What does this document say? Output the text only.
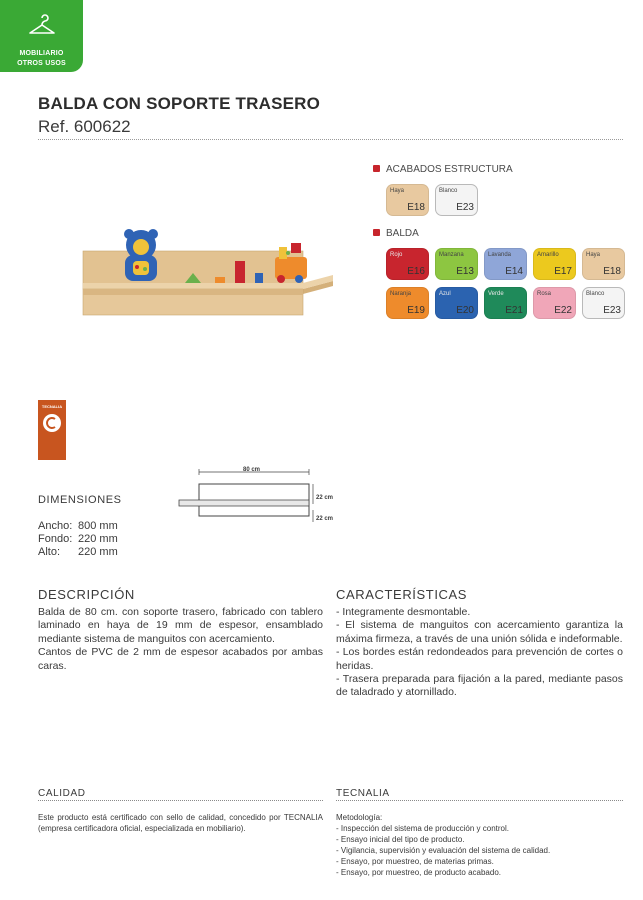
MOBILIARIO
OTROS USOS
BALDA CON SOPORTE TRASERO
Ref. 600622
ACABADOS ESTRUCTURA
Haya
E18
Blanco
E23
BALDA
Rojo
E16
Manzana
E13
Lavanda
E14
Amarillo
E17
Haya
E18
Naranja
E19
Azul
E20
Verde
E21
Rosa
E22
Blanco
E23
TECNALIA
80 cm
22 cm
22 cm
DIMENSIONES
Ancho: 800 mm
Fondo: 220 mm
Alto: 220 mm
DESCRIPCIÓN

Balda de 80 cm. con soporte trasero, fabricado con tablero laminado en haya de 19 mm de espesor, ensamblado mediante sistema de manguitos con acercamiento.

Cantos de PVC de 2 mm de espesor acabados por ambas caras.

CARACTERÍSTICAS

- Integramente desmontable.

- El sistema de manguitos con acercamiento garantiza la máxima firmeza, a través de una unión sólida e indeformable.

- Los bordes están redondeados para prevención de cortes o heridas.

- Trasera preparada para fijación a la pared, mediante pasos de taladrado y atornillado.

CALIDAD
Este producto está certificado con sello de calidad, concedido por TECNALIA (empresa certificadora oficial, especializada en mobiliario).
TECNALIA

Metodología:

- Inspección del sistema de producción y control.

- Ensayo inicial del tipo de producto.

- Vigilancia, supervisión y evaluación del sistema de calidad.

- Ensayo, por muestreo, de materias primas.

- Ensayo, por muestreo, de producto acabado.
